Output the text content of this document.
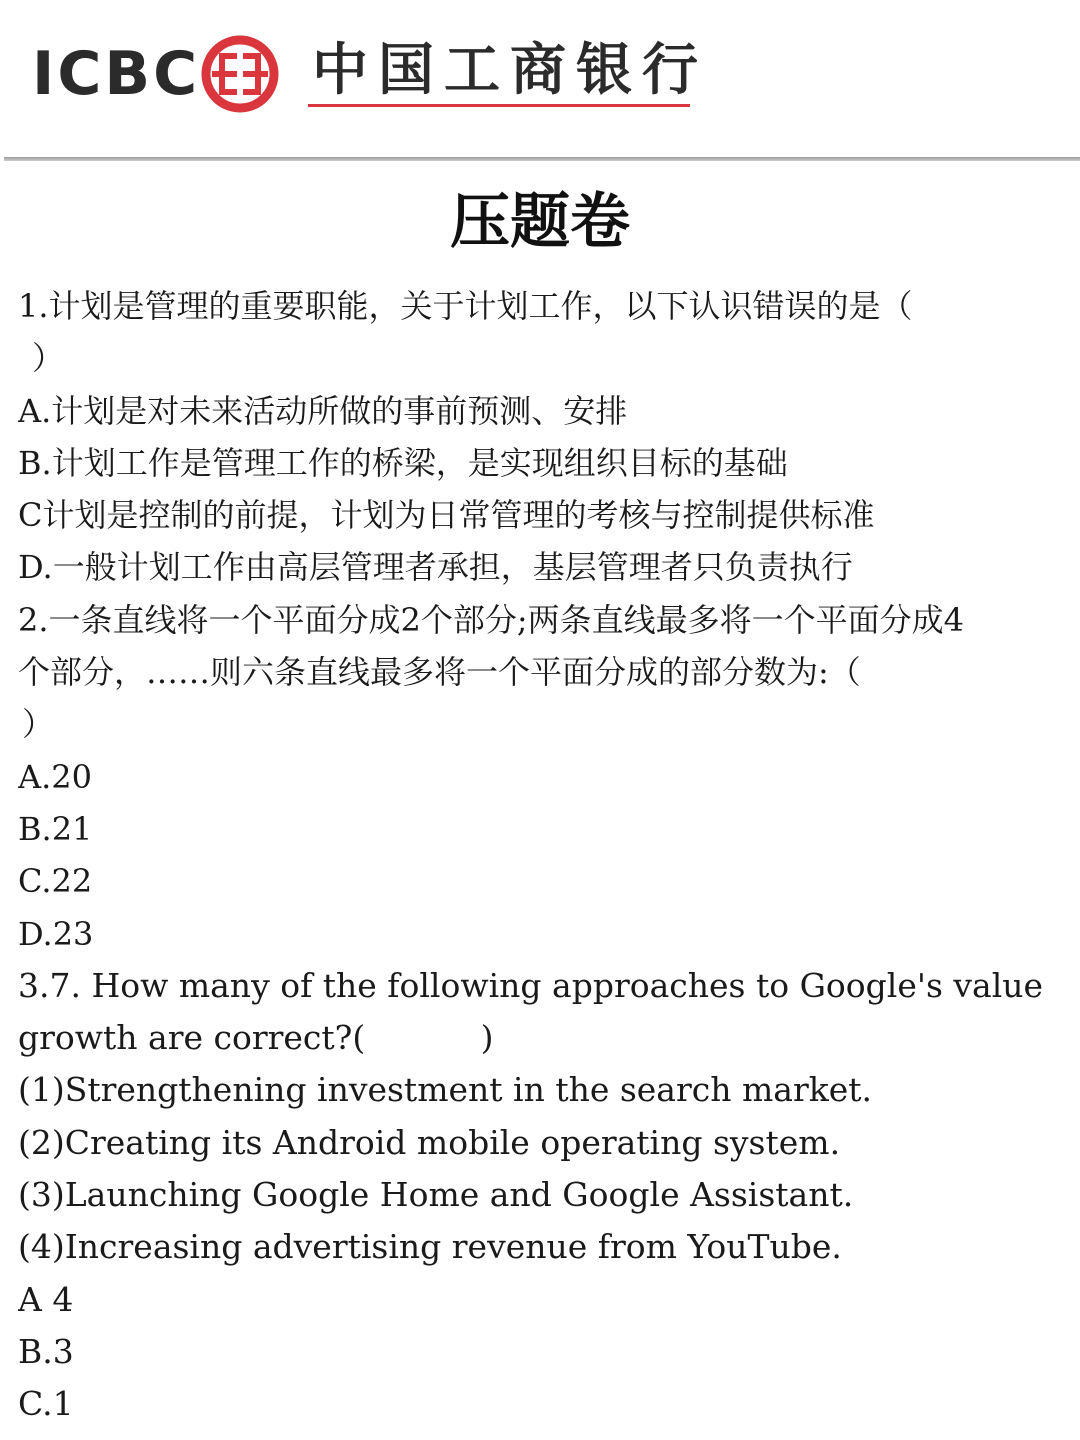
ICBC 中国工商银行
压题卷
1.计划是管理的重要职能，关于计划工作，以下认识错误的是（
）
A.计划是对未来活动所做的事前预测、安排
B.计划工作是管理工作的桥梁，是实现组织目标的基础
C计划是控制的前提，计划为日常管理的考核与控制提供标准
D.一般计划工作由高层管理者承担，基层管理者只负责执行
2.一条直线将一个平面分成2个部分;两条直线最多将一个平面分成4
个部分，……则六条直线最多将一个平面分成的部分数为:（
）
A.20
B.21
C.22
D.23
3.7. How many of the following approaches to Google's value
growth are correct?(           )
(1)Strengthening investment in the search market.
(2)Creating its Android mobile operating system.
(3)Launching Google Home and Google Assistant.
(4)Increasing advertising revenue from YouTube.
A 4
B.3
C.1
